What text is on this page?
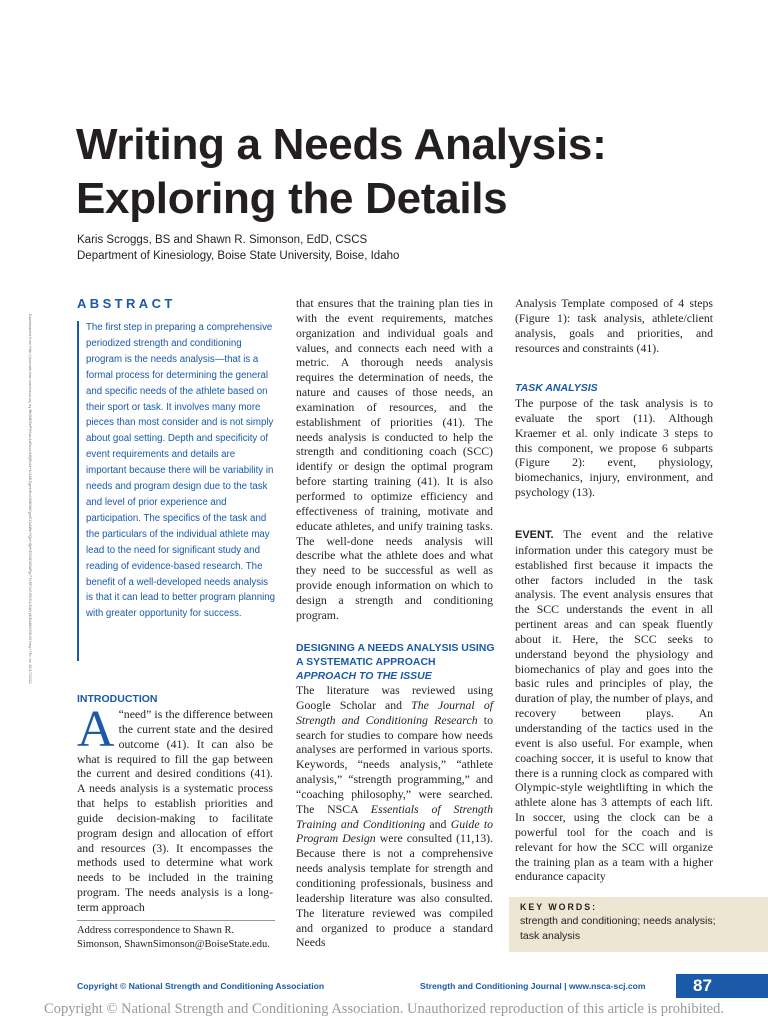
Writing a Needs Analysis: Exploring the Details
Karis Scroggs, BS and Shawn R. Simonson, EdD, CSCS
Department of Kinesiology, Boise State University, Boise, Idaho
Downloaded from http://journals.lww.com/nsca-scj by BhDMf5ePHKav1zEoum1tQfN4a+kJLhEZgbsIHo4XMi0hCywCX1AWnYQp/IlQrHD3i3D0OdRyi7TvSFl4Cf3VC4/OAVpDDa8KKGKV0Ymy+78= on 10/17/2021
ABSTRACT
The first step in preparing a comprehensive periodized strength and conditioning program is the needs analysis—that is a formal process for determining the general and specific needs of the athlete based on their sport or task. It involves many more pieces than most consider and is not simply about goal setting. Depth and specificity of event requirements and details are important because there will be variability in needs and program design due to the task and level of prior experience and participation. The specifics of the task and the particulars of the individual athlete may lead to the need for significant study and reading of evidence-based research. The benefit of a well-developed needs analysis is that it can lead to better program planning with greater opportunity for success.
INTRODUCTION
A “need” is the difference between the current state and the desired outcome (41). It can also be what is required to fill the gap between the current and desired conditions (41). A needs analysis is a systematic process that helps to establish priorities and guide decision-making to facilitate program design and allocation of effort and resources (3). It encompasses the methods used to determine what work needs to be included in the training program. The needs analysis is a long-term approach
Address correspondence to Shawn R. Simonson, ShawnSimonson@BoiseState.edu.
that ensures that the training plan ties in with the event requirements, matches organization and individual goals and values, and connects each need with a metric. A thorough needs analysis requires the determination of needs, the nature and causes of those needs, an examination of resources, and the establishment of priorities (41). The needs analysis is conducted to help the strength and conditioning coach (SCC) identify or design the optimal program before starting training (41). It is also performed to optimize efficiency and effectiveness of training, motivate and educate athletes, and unify training tasks. The well-done needs analysis will describe what the athlete does and what they need to be successful as well as provide enough information on which to design a strength and conditioning program.
DESIGNING A NEEDS ANALYSIS USING A SYSTEMATIC APPROACH
APPROACH TO THE ISSUE
The literature was reviewed using Google Scholar and The Journal of Strength and Conditioning Research to search for studies to compare how needs analyses are performed in various sports. Keywords, “needs analysis,” “athlete analysis,” “strength programming,” and “coaching philosophy,” were searched. The NSCA Essentials of Strength Training and Conditioning and Guide to Program Design were consulted (11,13). Because there is not a comprehensive needs analysis template for strength and conditioning professionals, business and leadership literature was also consulted. The literature reviewed was compiled and organized to produce a standard Needs
Analysis Template composed of 4 steps (Figure 1): task analysis, athlete/client analysis, goals and priorities, and resources and constraints (41).
TASK ANALYSIS
The purpose of the task analysis is to evaluate the sport (11). Although Kraemer et al. only indicate 3 steps to this component, we propose 6 subparts (Figure 2): event, physiology, biomechanics, injury, environment, and psychology (13).
EVENT. The event and the relative information under this category must be established first because it impacts the other factors included in the task analysis. The event analysis ensures that the SCC understands the event in all pertinent areas and can speak fluently about it. Here, the SCC seeks to understand beyond the physiology and biomechanics of play and goes into the basic rules and principles of play, the duration of play, the number of plays, and recovery between plays. An understanding of the tactics used in the event is also useful. For example, when coaching soccer, it is useful to know that there is a running clock as compared with Olympic-style weightlifting in which the athlete alone has 3 attempts of each lift. In soccer, using the clock can be a powerful tool for the coach and is relevant for how the SCC will organize the training plan as a team with a higher endurance capacity
KEY WORDS:
strength and conditioning; needs analysis; task analysis
Copyright © National Strength and Conditioning Association	Strength and Conditioning Journal | www.nsca-scj.com	87
Copyright © National Strength and Conditioning Association. Unauthorized reproduction of this article is prohibited.
